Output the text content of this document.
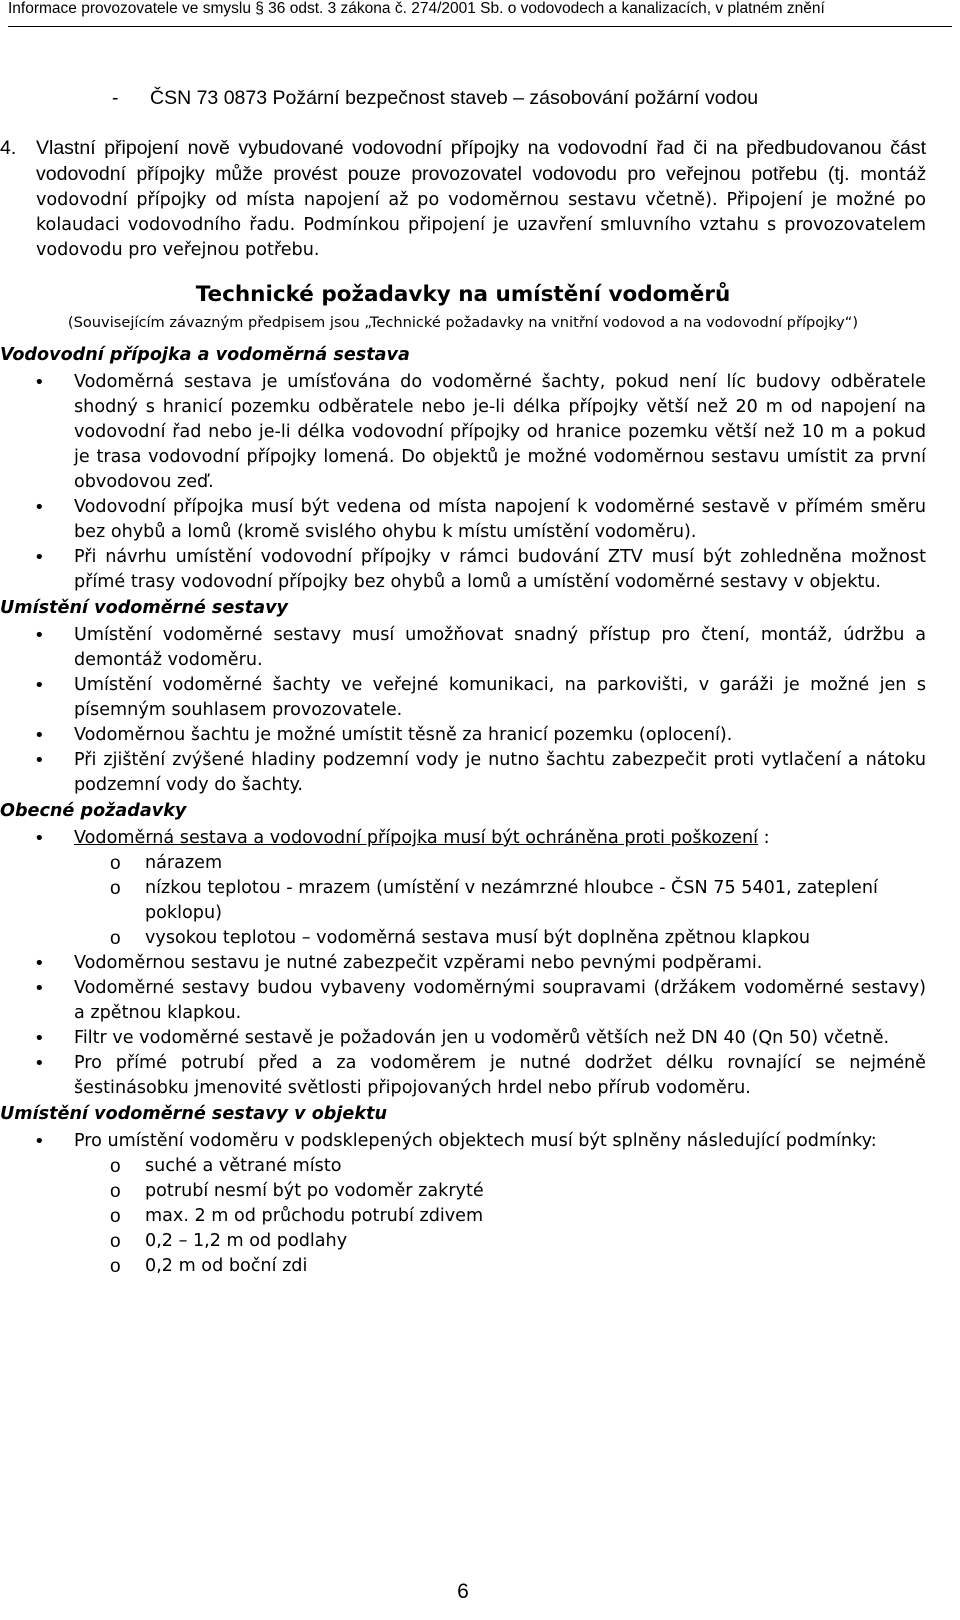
Informace provozovatele ve smyslu § 36 odst. 3 zákona č. 274/2001 Sb. o vodovodech a kanalizacích, v platném znění
- ČSN 73 0873 Požární bezpečnost staveb – zásobování požární vodou
4. Vlastní připojení nově vybudované vodovodní přípojky na vodovodní řad či na předbudovanou část vodovodní přípojky může provést pouze provozovatel vodovodu pro veřejnou potřebu (tj. montáž vodovodní přípojky od místa napojení až po vodoměrnou sestavu včetně). Připojení je možné po kolaudaci vodovodního řadu. Podmínkou připojení je uzavření smluvního vztahu s provozovatelem vodovodu pro veřejnou potřebu.
Technické požadavky na umístění vodoměrů
(Souvisejícím závazným předpisem jsou „Technické požadavky na vnitřní vodovod a na vodovodní přípojky“)
Vodovodní přípojka a vodoměrná sestava
• Vodoměrná sestava je umísťována do vodoměrné šachty, pokud není líc budovy odběratele shodný s hranicí pozemku odběratele nebo je-li délka přípojky větší než 20 m od napojení na vodovodní řad nebo je-li délka vodovodní přípojky od hranice pozemku větší než 10 m a pokud je trasa vodovodní přípojky lomená. Do objektů je možné vodoměrnou sestavu umístit za první obvodovou zeď.
• Vodovodní přípojka musí být vedena od místa napojení k vodoměrné sestavě v přímém směru bez ohybů a lomů (kromě svislého ohybu k místu umístění vodoměru).
• Při návrhu umístění vodovodní přípojky v rámci budování ZTV musí být zohledněna možnost přímé trasy vodovodní přípojky bez ohybů a lomů a umístění vodoměrné sestavy v objektu.
Umístění vodoměrné sestavy
• Umístění vodoměrné sestavy musí umožňovat snadný přístup pro čtení, montáž, údržbu a demontáž vodoměru.
• Umístění vodoměrné šachty ve veřejné komunikaci, na parkovišti, v garáži je možné jen s písemným souhlasem provozovatele.
• Vodoměrnou šachtu je možné umístit těsně za hranicí pozemku (oplocení).
• Při zjištění zvýšené hladiny podzemní vody je nutno šachtu zabezpečit proti vytlačení a nátoku podzemní vody do šachty.
Obecné požadavky
• Vodoměrná sestava a vodovodní přípojka musí být ochráněna proti poškození :
o nárazem
o nízkou teplotou - mrazem (umístění v nezámrzné hloubce - ČSN 75 5401, zateplení poklopu)
o vysokou teplotou – vodoměrná sestava musí být doplněna zpětnou klapkou
• Vodoměrnou sestavu je nutné zabezpečit vzpěrami nebo pevnými podpěrami.
• Vodoměrné sestavy budou vybaveny vodoměrnými soupravami (držákem vodoměrné sestavy) a zpětnou klapkou.
• Filtr ve vodoměrné sestavě je požadován jen u vodoměrů větších než DN 40 (Qn 50) včetně.
• Pro přímé potrubí před a za vodoměrem je nutné dodržet délku rovnající se nejméně šestinásobku jmenovité světlosti připojovaných hrdel nebo přírub vodoměru.
Umístění vodoměrné sestavy v objektu
• Pro umístění vodoměru v podsklepených objektech musí být splněny následující podmínky:
o suché a větrané místo
o potrubí nesmí být po vodoměr zakryté
o max. 2 m od průchodu potrubí zdivem
o 0,2 – 1,2 m od podlahy
o 0,2 m od boční zdi
6
